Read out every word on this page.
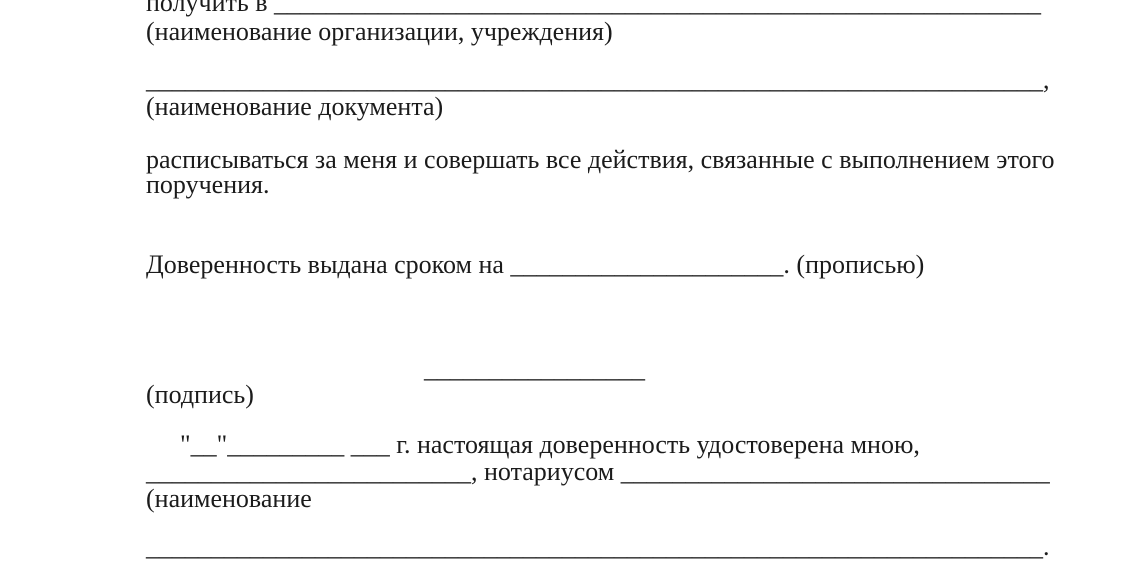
получить в ___________________________________________________________
(наименование организации, учреждения)
_____________________________________________________________________,
(наименование документа)
расписываться за меня и совершать все действия, связанные с выполнением этого
поручения.
Доверенность выдана сроком на _____________________. (прописью)
_________________
(подпись)
"__"_________ ___ г. настоящая доверенность удостоверена мною,
_________________________, нотариусом _________________________________
(наименование
_____________________________________________________________________.
